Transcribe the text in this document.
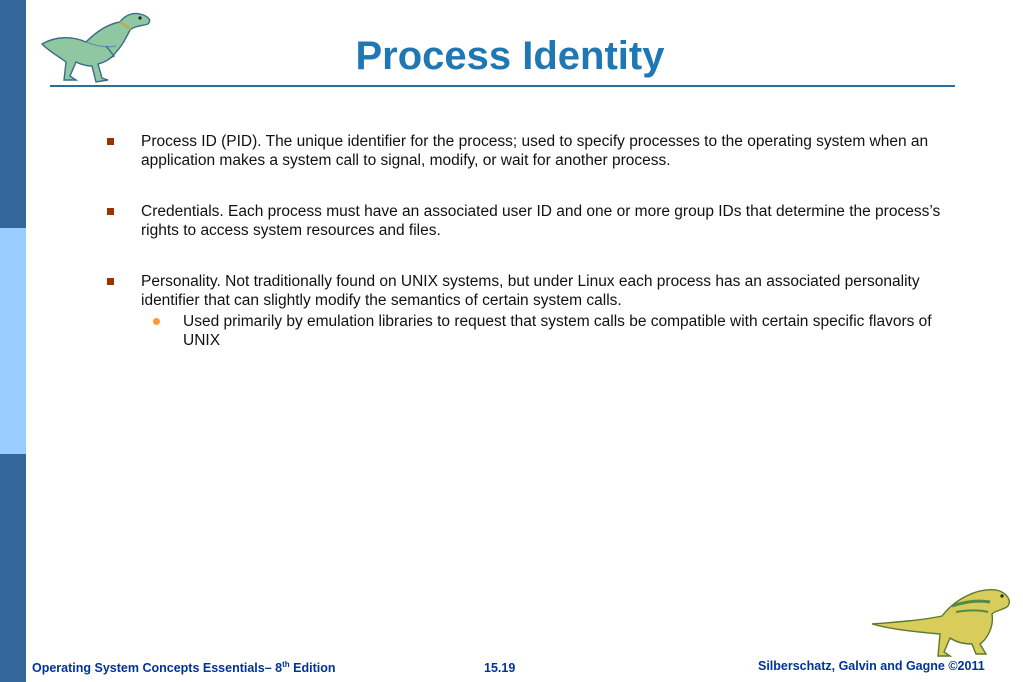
Process Identity
Process ID (PID). The unique identifier for the process; used to specify processes to the operating system when an application makes a system call to signal, modify, or wait for another process.
Credentials. Each process must have an associated user ID and one or more group IDs that determine the process’s rights to access system resources and files.
Personality. Not traditionally found on UNIX systems, but under Linux each process has an associated personality identifier that can slightly modify the semantics of certain system calls.
Used primarily by emulation libraries to request that system calls be compatible with certain specific flavors of UNIX
Operating System Concepts Essentials– 8th Edition	15.19	Silberschatz, Galvin and Gagne ©2011
